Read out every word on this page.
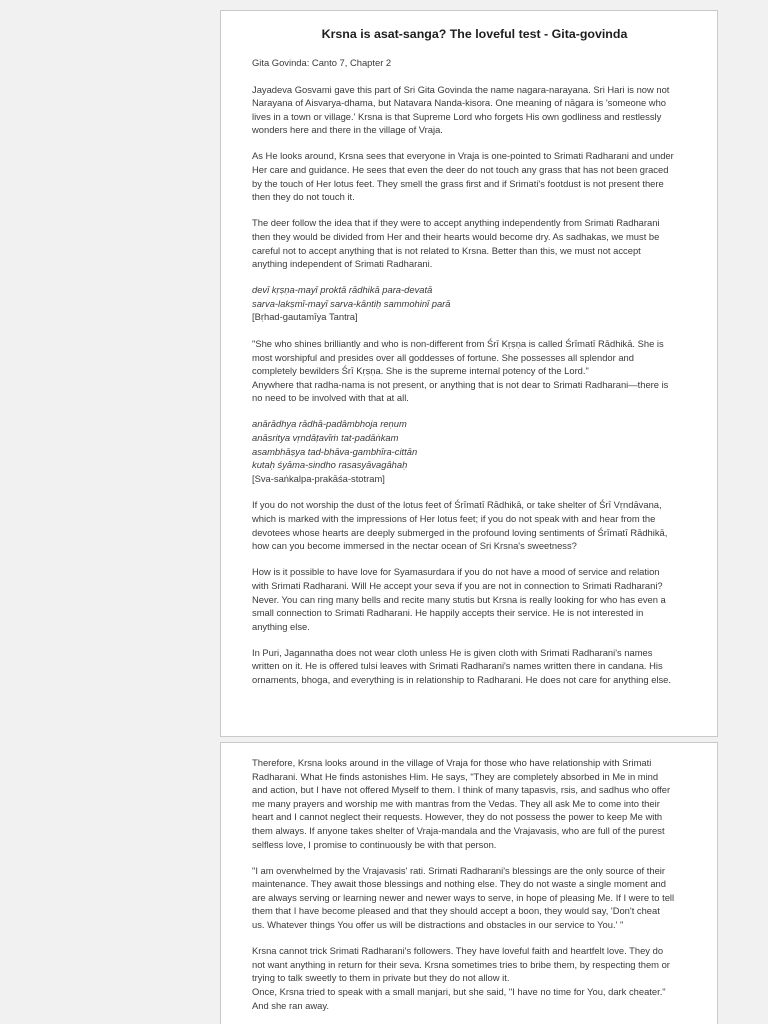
Krsna is asat-sanga? The loveful test - Gita-govinda
Gita Govinda: Canto 7, Chapter 2
Jayadeva Gosvami gave this part of Sri Gita Govinda the name nagara-narayana. Sri Hari is now not
Narayana of Aisvarya-dhama, but Natavara Nanda-kisora. One meaning of nāgara is 'someone who
lives in a town or village.' Krsna is that Supreme Lord who forgets His own godliness and restlessly
wonders here and there in the village of Vraja.
As He looks around, Krsna sees that everyone in Vraja is one-pointed to Srimati Radharani and under
Her care and guidance. He sees that even the deer do not touch any grass that has not been graced
by the touch of Her lotus feet. They smell the grass first and if Srimati's footdust is not present there
then they do not touch it.
The deer follow the idea that if they were to accept anything independently from Srimati Radharani
then they would be divided from Her and their hearts would become dry. As sadhakas, we must be
careful not to accept anything that is not related to Krsna. Better than this, we must not accept
anything independent of Srimati Radharani.
devī kṛṣṇa-mayī proktā rādhikā para-devatā
sarva-lakṣmī-mayī sarva-kāntiḥ sammohinī parā
[Bṛhad-gautamīya Tantra]
"She who shines brilliantly and who is non-different from Śrī Kṛṣṇa is called Śrīmatī Rādhikā. She is
most worshipful and presides over all goddesses of fortune. She possesses all splendor and
completely bewilders Śrī Kṛṣṇa. She is the supreme internal potency of the Lord."
Anywhere that radha-nama is not present, or anything that is not dear to Srimati Radharani—there is
no need to be involved with that at all.
anārādhya rādhā-padāmbhoja reṇum
anāsritya vṛndāṭavīṁ tat-padāṅkam
asambhāṣya tad-bhāva-gambhīra-cittān
kutaḥ śyāma-sindho rasasyāvagāhaḥ
[Sva-saṅkalpa-prakāśa-stotram]
If you do not worship the dust of the lotus feet of Śrīmatī Rādhikā, or take shelter of Śrī Vṛndāvana,
which is marked with the impressions of Her lotus feet; if you do not speak with and hear from the
devotees whose hearts are deeply submerged in the profound loving sentiments of Śrīmatī Rādhikā,
how can you become immersed in the nectar ocean of Sri Krsna's sweetness?
How is it possible to have love for Syamasurdara if you do not have a mood of service and relation
with Srimati Radharani. Will He accept your seva if you are not in connection to Srimati Radharani?
Never. You can ring many bells and recite many stutis but Krsna is really looking for who has even a
small connection to Srimati Radharani. He happily accepts their service. He is not interested in
anything else.
In Puri, Jagannatha does not wear cloth unless He is given cloth with Srimati Radharani's names
written on it. He is offered tulsi leaves with Srimati Radharani's names written there in candana. His
ornaments, bhoga, and everything is in relationship to Radharani. He does not care for anything else.
Therefore, Krsna looks around in the village of Vraja for those who have relationship with Srimati
Radharani. What He finds astonishes Him. He says, "They are completely absorbed in Me in mind
and action, but I have not offered Myself to them. I think of many tapasvis, rsis, and sadhus who offer
me many prayers and worship me with mantras from the Vedas. They all ask Me to come into their
heart and I cannot neglect their requests. However, they do not possess the power to keep Me with
them always. If anyone takes shelter of Vraja-mandala and the Vrajavasis, who are full of the purest
selfless love, I promise to continuously be with that person.
"I am overwhelmed by the Vrajavasis' rati. Srimati Radharani's blessings are the only source of their
maintenance. They await those blessings and nothing else. They do not waste a single moment and
are always serving or learning newer and newer ways to serve, in hope of pleasing Me. If I were to tell
them that I have become pleased and that they should accept a boon, they would say, 'Don't cheat
us. Whatever things You offer us will be distractions and obstacles in our service to You.' "
Krsna cannot trick Srimati Radharani's followers. They have loveful faith and heartfelt love. They do
not want anything in return for their seva. Krsna sometimes tries to bribe them, by respecting them or
trying to talk sweetly to them in private but they do not allow it.
Once, Krsna tried to speak with a small manjari, but she said, "I have no time for You, dark cheater."
And she ran away.
